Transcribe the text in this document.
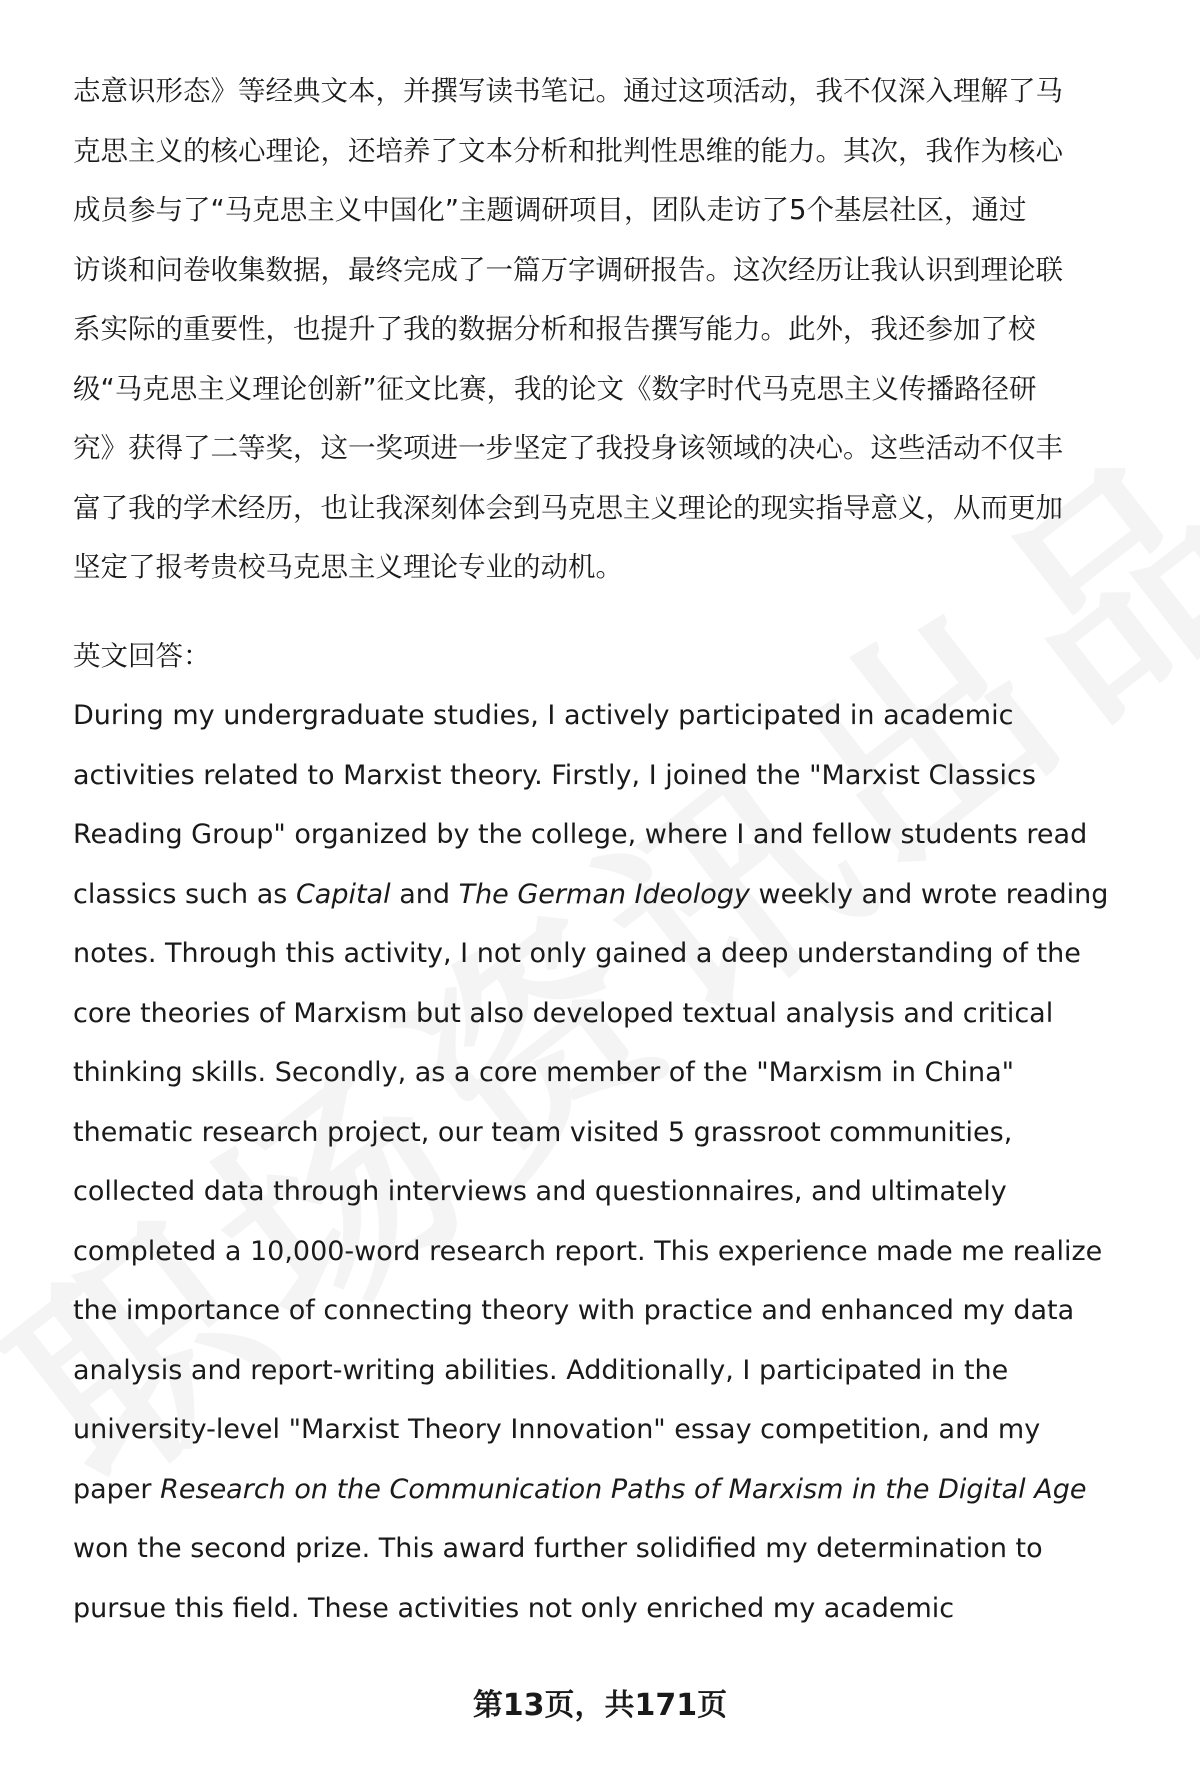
志意识形态》等经典文本，并撰写读书笔记。通过这项活动，我不仅深入理解了马
克思主义的核心理论，还培养了文本分析和批判性思维的能力。其次，我作为核心
成员参与了“马克思主义中国化”主题调研项目，团队走访了5个基层社区，通过
访谈和问卷收集数据，最终完成了一篇万字调研报告。这次经历让我认识到理论联
系实际的重要性，也提升了我的数据分析和报告撰写能力。此外，我还参加了校
级“马克思主义理论创新”征文比赛，我的论文《数字时代马克思主义传播路径研
究》获得了二等奖，这一奖项进一步坚定了我投身该领域的决心。这些活动不仅丰
富了我的学术经历，也让我深刻体会到马克思主义理论的现实指导意义，从而更加
坚定了报考贵校马克思主义理论专业的动机。
英文回答：
During my undergraduate studies, I actively participated in academic
activities related to Marxist theory. Firstly, I joined the "Marxist Classics
Reading Group" organized by the college, where I and fellow students read
classics such as Capital and The German Ideology weekly and wrote reading
notes. Through this activity, I not only gained a deep understanding of the
core theories of Marxism but also developed textual analysis and critical
thinking skills. Secondly, as a core member of the "Marxism in China"
thematic research project, our team visited 5 grassroot communities,
collected data through interviews and questionnaires, and ultimately
completed a 10,000-word research report. This experience made me realize
the importance of connecting theory with practice and enhanced my data
analysis and report-writing abilities. Additionally, I participated in the
university-level "Marxist Theory Innovation" essay competition, and my
paper Research on the Communication Paths of Marxism in the Digital Age
won the second prize. This award further solidified my determination to
pursue this field. These activities not only enriched my academic
第13页，共171页
